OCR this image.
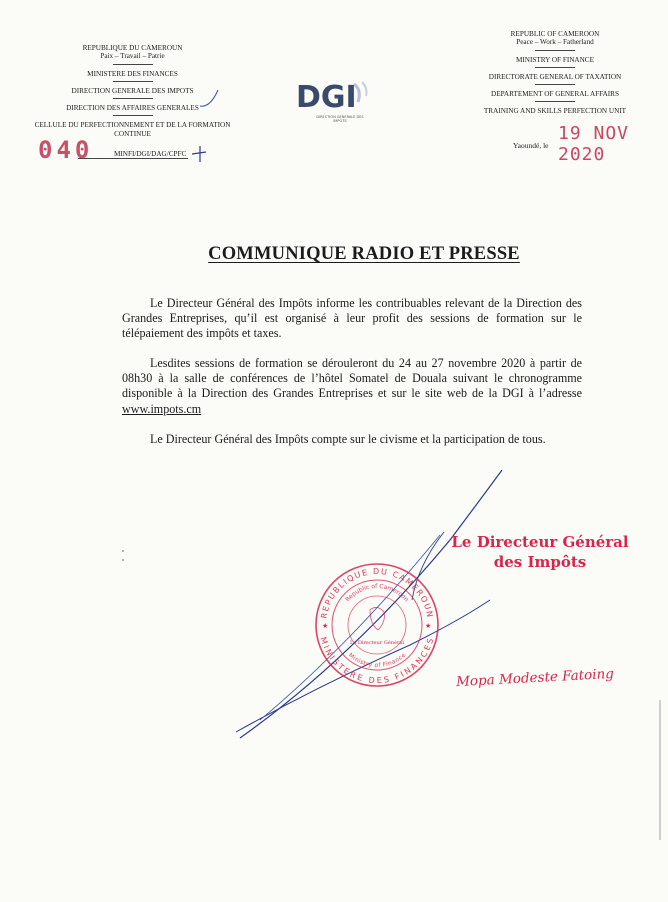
REPUBLIQUE DU CAMEROUN
Paix – Travail – Patrie
MINISTERE DES FINANCES
DIRECTION GENERALE DES IMPOTS
DIRECTION DES AFFAIRES GENERALES
CELLULE DU PERFECTIONNEMENT ET DE LA FORMATION CONTINUE
REPUBLIC OF CAMEROON
Peace – Work – Fatherland
MINISTRY OF FINANCE
DIRECTORATE GENERAL OF TAXATION
DEPARTEMENT OF GENERAL AFFAIRS
TRAINING AND SKILLS PERFECTION UNIT
DGI
DIRECTION GENERALE DES IMPOTS
040	MINFI/DGI/DAG/CPFC
Yaoundé, le
19 NOV 2020
COMMUNIQUE RADIO ET PRESSE
Le Directeur Général des Impôts informe les contribuables relevant de la Direction des Grandes Entreprises, qu’il est organisé à leur profit des sessions de formation sur le télépaiement des impôts et taxes.
Lesdites sessions de formation se dérouleront du 24 au 27 novembre 2020 à partir de 08h30 à la salle de conférences de l’hôtel Somatel de Douala suivant le chronogramme disponible à la Direction des Grandes Entreprises et sur le site web de la DGI à l’adresse www.impots.cm
Le Directeur Général des Impôts compte sur le civisme et la participation de tous.
REPUBLIQUE DU CAMEROUN
MINISTERE DES FINANCES
Republic of Cameroon
Ministry of Finance
Le Directeur Général
★	★
Le Directeur Général
des Impôts
Mopa Modeste Fatoing
